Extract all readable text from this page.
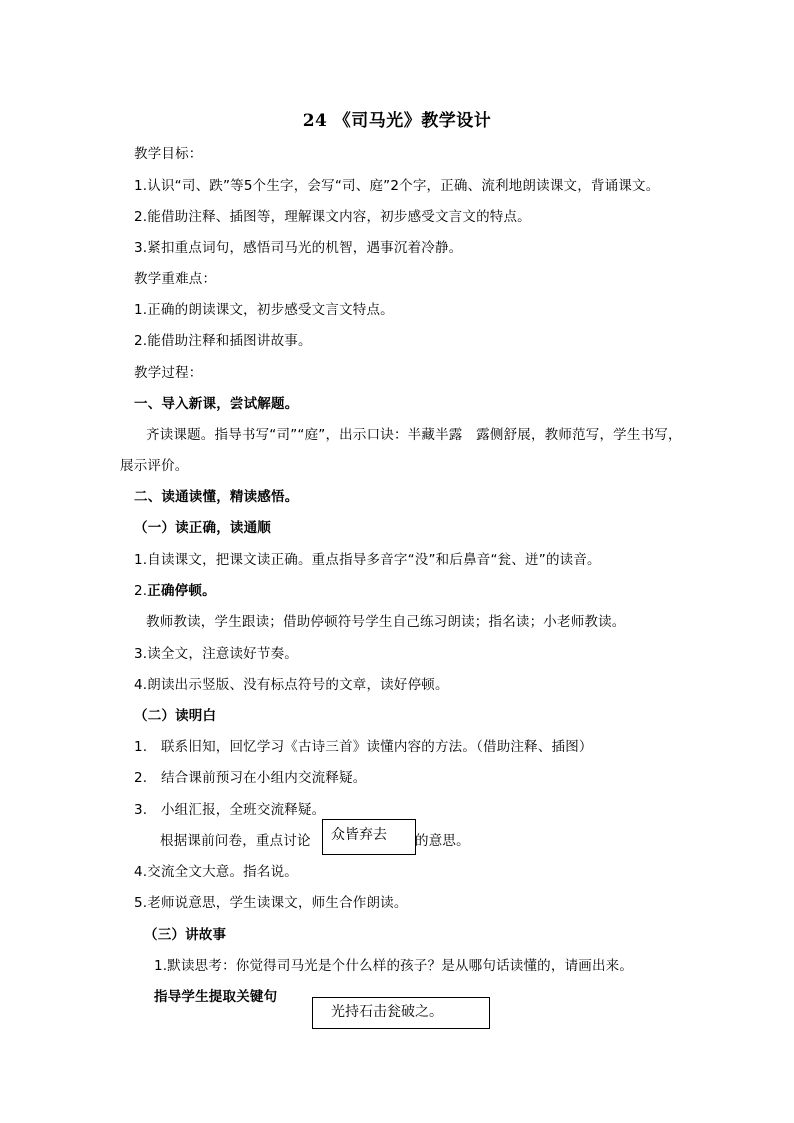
24 《司马光》教学设计
教学目标：
1.认识“司、跌”等5个生字，会写“司、庭”2个字，正确、流利地朗读课文，背诵课文。
2.能借助注释、插图等，理解课文内容，初步感受文言文的特点。
3.紧扣重点词句，感悟司马光的机智，遇事沉着冷静。
教学重难点：
1.正确的朗读课文，初步感受文言文特点。
2.能借助注释和插图讲故事。
教学过程：
一、导入新课，尝试解题。
齐读课题。指导书写“司”“庭”，出示口诀：半藏半露　露侧舒展，教师范写，学生书写，
展示评价。
二、读通读懂，精读感悟。
（一）读正确，读通顺
1.自读课文，把课文读正确。重点指导多音字“没”和后鼻音“瓮、迸”的读音。
2.正确停顿。
教师教读，学生跟读；借助停顿符号学生自己练习朗读；指名读；小老师教读。
3.读全文，注意读好节奏。
4.朗读出示竖版、没有标点符号的文章，读好停顿。
（二）读明白
1.　联系旧知，回忆学习《古诗三首》读懂内容的方法。（借助注释、插图）
2.　结合课前预习在小组内交流释疑。
3.　小组汇报，全班交流释疑。
根据课前问卷，重点讨论 众皆弃去 的意思。
4.交流全文大意。指名说。
5.老师说意思，学生读课文，师生合作朗读。
（三）讲故事
1.默读思考：你觉得司马光是个什么样的孩子？是从哪句话读懂的，请画出来。
指导学生提取关键句
光持石击瓮破之。
